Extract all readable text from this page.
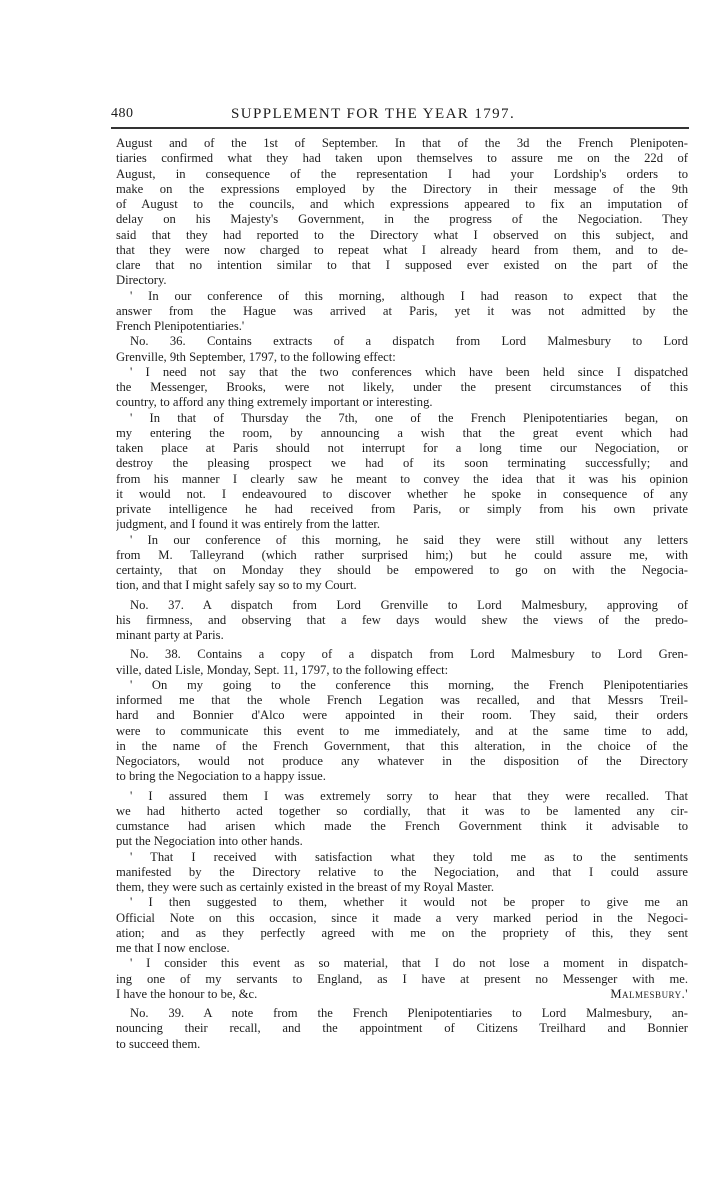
480	SUPPLEMENT FOR THE YEAR 1797.

August and of the 1st of September. In that of the 3d the French Plenipoten-
tiaries confirmed what they had taken upon themselves to assure me on the 22d of
August, in consequence of the representation I had your Lordship's orders to
make on the expressions employed by the Directory in their message of the 9th
of August to the councils, and which expressions appeared to fix an imputation of
delay on his Majesty's Government, in the progress of the Negociation. They
said that they had reported to the Directory what I observed on this subject, and
that they were now charged to repeat what I already heard from them, and to de-
clare that no intention similar to that I supposed ever existed on the part of the
Directory.

' In our conference of this morning, although I had reason to expect that the
answer from the Hague was arrived at Paris, yet it was not admitted by the
French Plenipotentiaries.'

No. 36. Contains extracts of a dispatch from Lord Malmesbury to Lord
Grenville, 9th September, 1797, to the following effect:

' I need not say that the two conferences which have been held since I dispatched
the Messenger, Brooks, were not likely, under the present circumstances of this
country, to afford any thing extremely important or interesting.

' In that of Thursday the 7th, one of the French Plenipotentiaries began, on
my entering the room, by announcing a wish that the great event which had
taken place at Paris should not interrupt for a long time our Negociation, or
destroy the pleasing prospect we had of its soon terminating successfully; and
from his manner I clearly saw he meant to convey the idea that it was his opinion
it would not. I endeavoured to discover whether he spoke in consequence of any
private intelligence he had received from Paris, or simply from his own private
judgment, and I found it was entirely from the latter.

' In our conference of this morning, he said they were still without any letters
from M. Talleyrand (which rather surprised him;) but he could assure me, with
certainty, that on Monday they should be empowered to go on with the Negocia-
tion, and that I might safely say so to my Court.

No. 37. A dispatch from Lord Grenville to Lord Malmesbury, approving of
his firmness, and observing that a few days would shew the views of the predo-
minant party at Paris.

No. 38. Contains a copy of a dispatch from Lord Malmesbury to Lord Gren-
ville, dated Lisle, Monday, Sept. 11, 1797, to the following effect:

' On my going to the conference this morning, the French Plenipotentiaries
informed me that the whole French Legation was recalled, and that Messrs Treil-
hard and Bonnier d'Alco were appointed in their room. They said, their orders
were to communicate this event to me immediately, and at the same time to add,
in the name of the French Government, that this alteration, in the choice of the
Negociators, would not produce any whatever in the disposition of the Directory
to bring the Negociation to a happy issue.

' I assured them I was extremely sorry to hear that they were recalled. That
we had hitherto acted together so cordially, that it was to be lamented any cir-
cumstance had arisen which made the French Government think it advisable to
put the Negociation into other hands.

' That I received with satisfaction what they told me as to the sentiments
manifested by the Directory relative to the Negociation, and that I could assure
them, they were such as certainly existed in the breast of my Royal Master.

' I then suggested to them, whether it would not be proper to give me an
Official Note on this occasion, since it made a very marked period in the Negoci-
ation; and as they perfectly agreed with me on the propriety of this, they sent
me that I now enclose.

' I consider this event as so material, that I do not lose a moment in dispatch-
ing one of my servants to England, as I have at present no Messenger with me.
I have the honour to be, &c.	Malmesbury.'

No. 39. A note from the French Plenipotentiaries to Lord Malmesbury, an-
nouncing their recall, and the appointment of Citizens Treilhard and Bonnier
to succeed them.
